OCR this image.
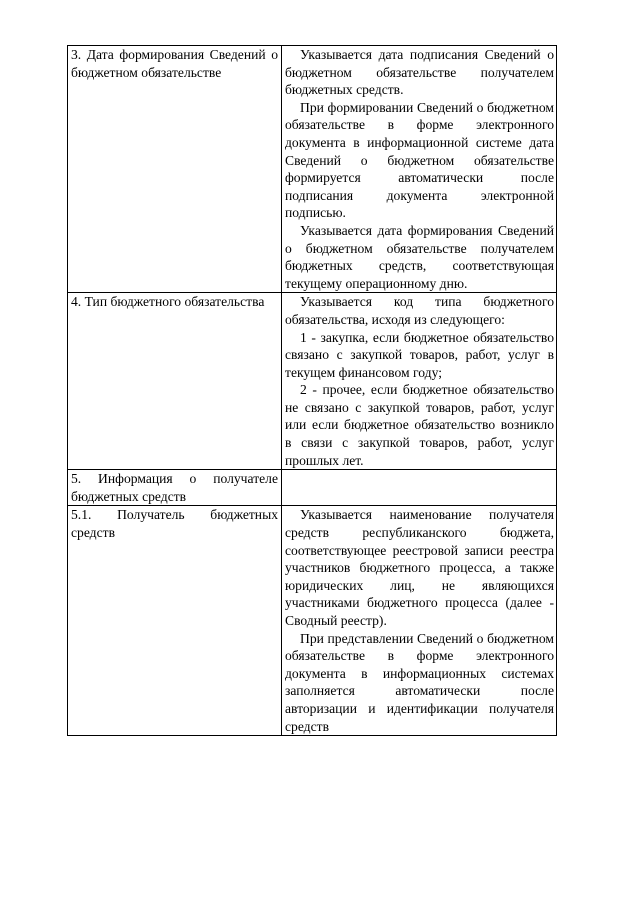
3. Дата формирования Сведений о бюджетном обязательстве	Указывается дата подписания Сведений о бюджетном обязательстве получателем бюджетных средств.

При формировании Сведений о бюджетном обязательстве в форме электронного документа в информационной системе дата Сведений о бюджетном обязательстве формируется автоматически после подписания документа электронной подписью.

Указывается дата формирования Сведений о бюджетном обязательстве получателем бюджетных средств, соответствующая текущему операционному дню.

4. Тип бюджетного обязательства	Указывается код типа бюджетного обязательства, исходя из следующего:

1 - закупка, если бюджетное обязательство связано с закупкой товаров, работ, услуг в текущем финансовом году;

2 - прочее, если бюджетное обязательство не связано с закупкой товаров, работ, услуг или если бюджетное обязательство возникло в связи с закупкой товаров, работ, услуг прошлых лет.

5. Информация о получателе бюджетных средств	

5.1. Получатель бюджетных средств	Указывается наименование получателя средств республиканского бюджета, соответствующее реестровой записи реестра участников бюджетного процесса, а также юридических лиц, не являющихся участниками бюджетного процесса (далее - Сводный реестр).

При представлении Сведений о бюджетном обязательстве в форме электронного документа в информационных системах заполняется автоматически после авторизации и идентификации получателя средств
